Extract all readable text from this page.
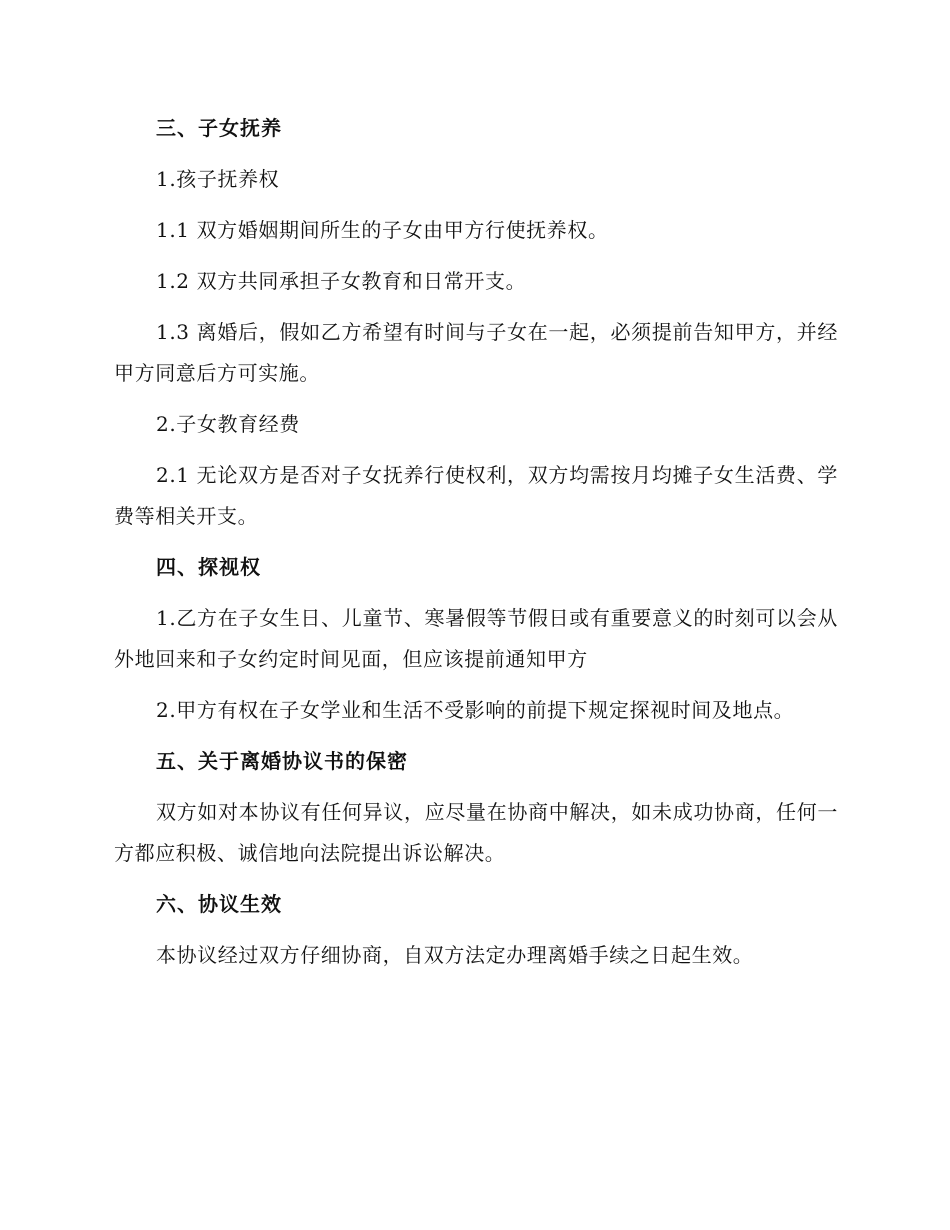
三、子女抚养

1.孩子抚养权

1.1 双方婚姻期间所生的子女由甲方行使抚养权。

1.2 双方共同承担子女教育和日常开支。

1.3 离婚后，假如乙方希望有时间与子女在一起，必须提前告知甲方，并经甲方同意后方可实施。

2.子女教育经费

2.1 无论双方是否对子女抚养行使权利，双方均需按月均摊子女生活费、学费等相关开支。

四、探视权

1.乙方在子女生日、儿童节、寒暑假等节假日或有重要意义的时刻可以会从外地回来和子女约定时间见面，但应该提前通知甲方

2.甲方有权在子女学业和生活不受影响的前提下规定探视时间及地点。

五、关于离婚协议书的保密

双方如对本协议有任何异议，应尽量在协商中解决，如未成功协商，任何一方都应积极、诚信地向法院提出诉讼解决。

六、协议生效

本协议经过双方仔细协商，自双方法定办理离婚手续之日起生效。
